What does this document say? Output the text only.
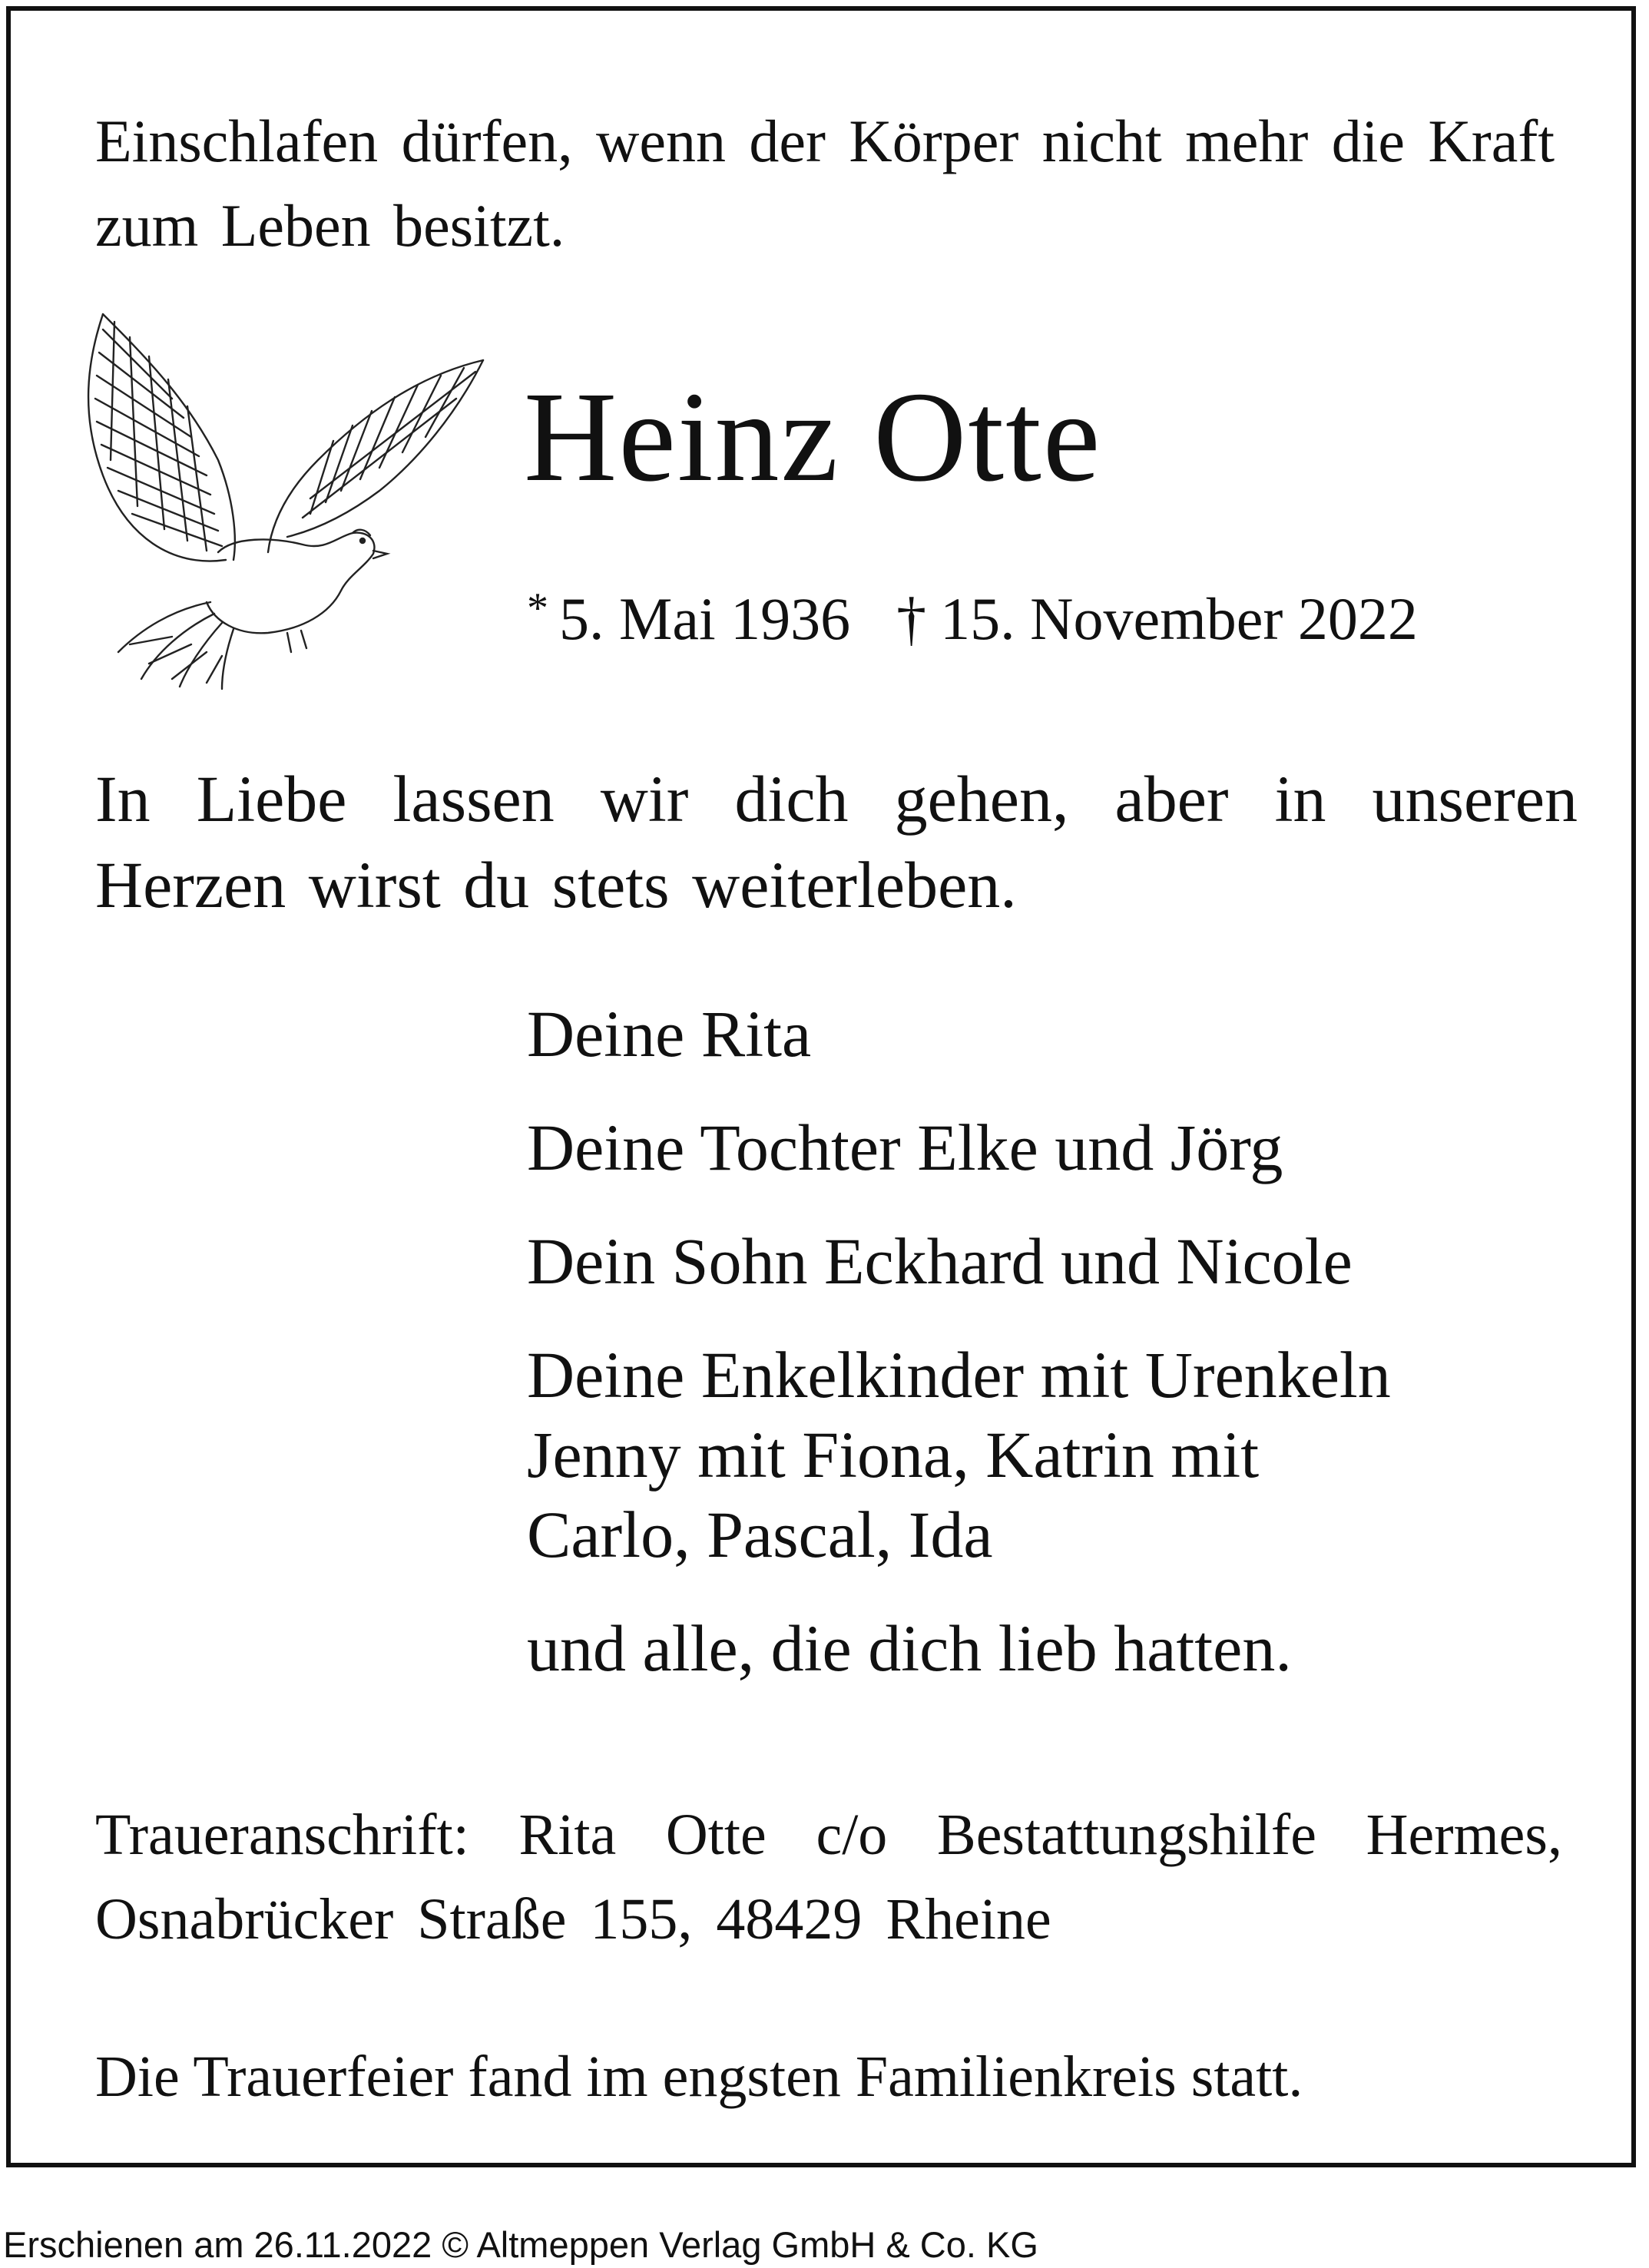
Einschlafen dürfen, wenn der Körper nicht mehr die Kraft zum Leben besitzt.

Heinz Otte
* 5. Mai 1936 † 15. November 2022

In Liebe lassen wir dich gehen, aber in unseren Herzen wirst du stets weiterleben.

Deine Rita

Deine Tochter Elke und Jörg

Dein Sohn Eckhard und Nicole

Deine Enkelkinder mit Urenkeln

Jenny mit Fiona, Katrin mit

Carlo, Pascal, Ida

und alle, die dich lieb hatten.

Traueranschrift: Rita Otte c/o Bestattungshilfe Hermes, Osnabrücker Straße 155, 48429 Rheine

Die Trauerfeier fand im engsten Familienkreis statt.

Erschienen am 26.11.2022 © Altmeppen Verlag GmbH & Co. KG
